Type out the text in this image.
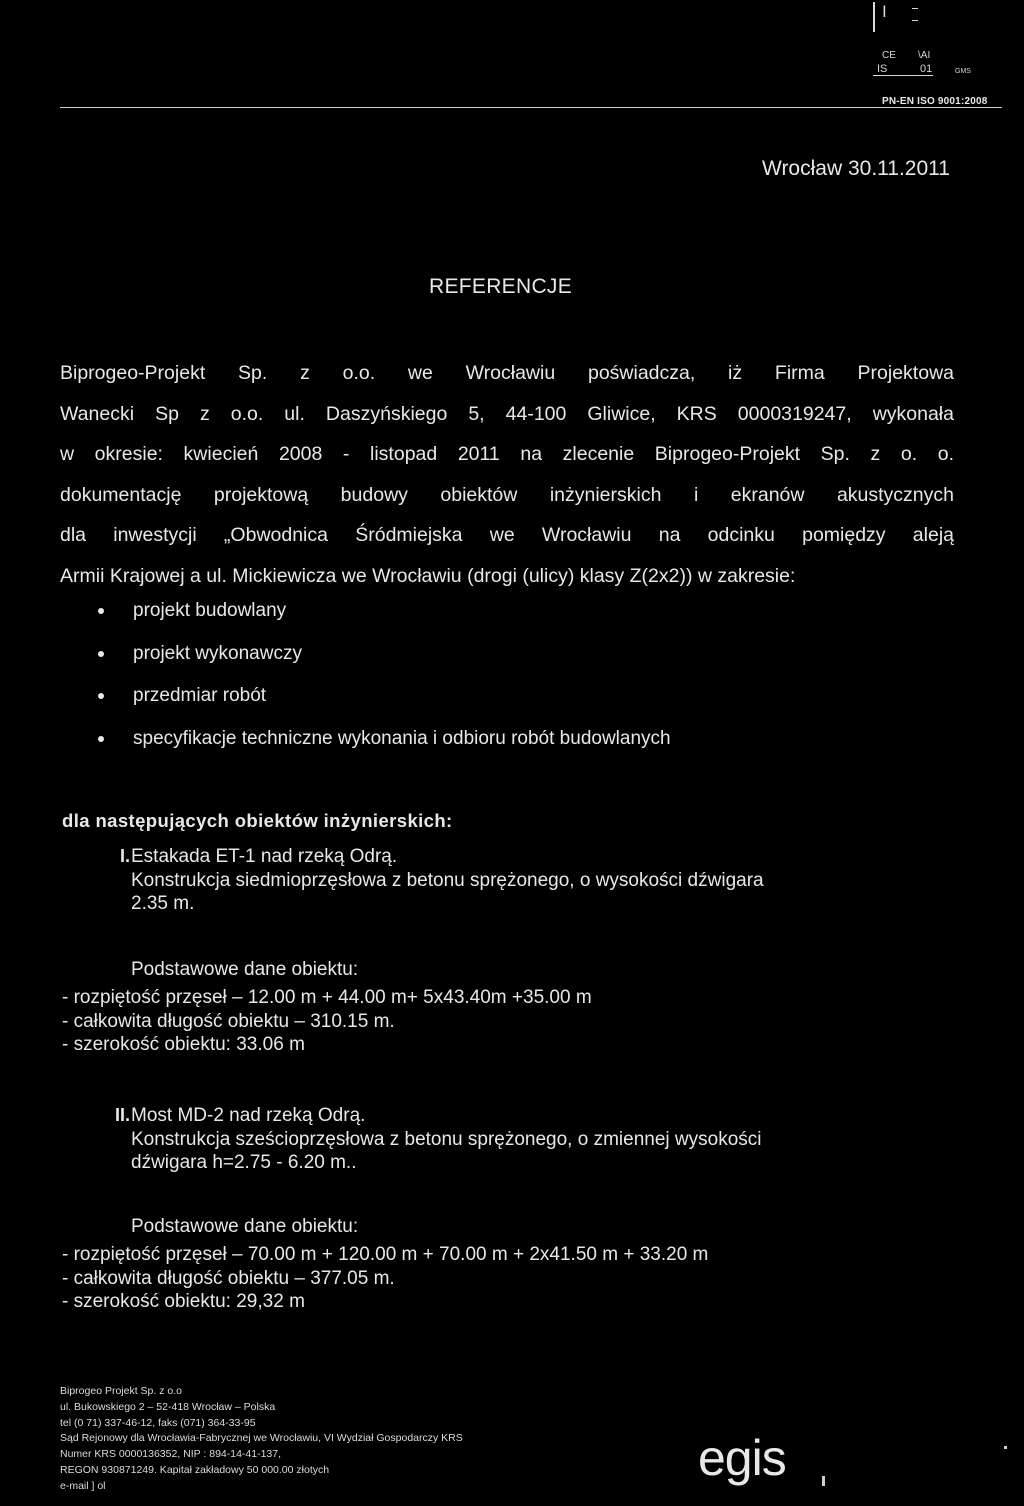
I
CE \AI
IS	01	GMS
PN-EN ISO 9001:2008
Wrocław 30.11.2011
REFERENCJE
Biprogeo-Projekt Sp. z o.o. we Wrocławiu poświadcza, iż Firma Projektowa
Wanecki Sp z o.o. ul. Daszyńskiego 5, 44-100 Gliwice, KRS 0000319247, wykonała
w okresie: kwiecień 2008 - listopad 2011 na zlecenie Biprogeo-Projekt Sp. z o. o.
dokumentację projektową budowy obiektów inżynierskich i ekranów akustycznych
dla inwestycji „Obwodnica Śródmiejska we Wrocławiu na odcinku pomiędzy aleją
Armii Krajowej a ul. Mickiewicza we Wrocławiu (drogi (ulicy) klasy Z(2x2)) w zakresie:
projekt budowlany
projekt wykonawczy
przedmiar robót
specyfikacje techniczne wykonania i odbioru robót budowlanych
dla następujących obiektów inżynierskich:
I. Estakada ET-1 nad rzeką Odrą.
Konstrukcja siedmioprzęsłowa z betonu sprężonego, o wysokości dźwigara
2.35 m.
Podstawowe dane obiektu:
- rozpiętość przęseł – 12.00 m + 44.00 m+ 5x43.40m +35.00 m
- całkowita długość obiektu – 310.15 m.
- szerokość obiektu: 33.06 m
II. Most MD-2 nad rzeką Odrą.
Konstrukcja sześcioprzęsłowa z betonu sprężonego, o zmiennej wysokości
dźwigara h=2.75 - 6.20 m..
Podstawowe dane obiektu:
- rozpiętość przęseł – 70.00 m + 120.00 m + 70.00 m + 2x41.50 m + 33.20 m
- całkowita długość obiektu – 377.05 m.
- szerokość obiektu: 29,32 m
Biprogeo Projekt Sp. z o.o
ul. Bukowskiego 2 – 52-418 Wrocław – Polska
tel (0 71) 337-46-12, faks (071) 364-33-95
Sąd Rejonowy dla Wrocławia-Fabrycznej we Wrocławiu, VI Wydział Gospodarczy KRS
Numer KRS 0000136352, NIP : 894-14-41-137,
REGON 930871249. Kapitał zakładowy 50 000.00 złotych
e-mail ] ol	egis
